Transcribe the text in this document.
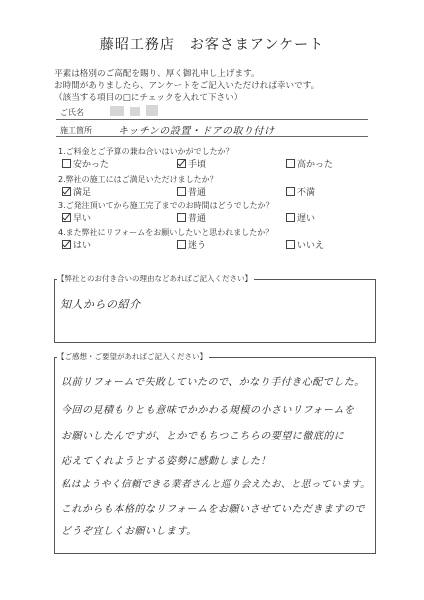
藤昭工務店　お客さまアンケート
平素は格別のご高配を賜り、厚く御礼申し上げます。
お時間がありましたら、アンケートをご記入いただければ幸いです。
（該当する項目の□にチェックを入れて下さい）
ご氏名
施工箇所	キッチンの設置・ドアの取り付け
1.ご料金とご予算の兼ね合いはいかがでしたか？
安かった	手頃	高かった
2.弊社の施工にはご満足いただけましたか？
満足	普通	不満
3.ご発注頂いてから施工完了までのお時間はどうでしたか？
早い	普通	遅い
4.また弊社にリフォームをお願いしたいと思われましたか？
はい	迷う	いいえ
【弊社とのお付き合いの理由などあればご記入ください】
知人からの紹介
【ご感想・ご要望があればご記入ください】
以前リフォームで失敗していたので、かなり手付き心配でした。
今回の見積もりとも意味でかかわる規模の小さいリフォームを
お願いしたんですが、とかでもちつこちらの要望に徹底的に
応えてくれようとする姿勢に感動しました！
私はようやく信頼できる業者さんと巡り会えたお、と思っています。
これからも本格的なリフォームをお願いさせていただきますので
どうぞ宜しくお願いします。
